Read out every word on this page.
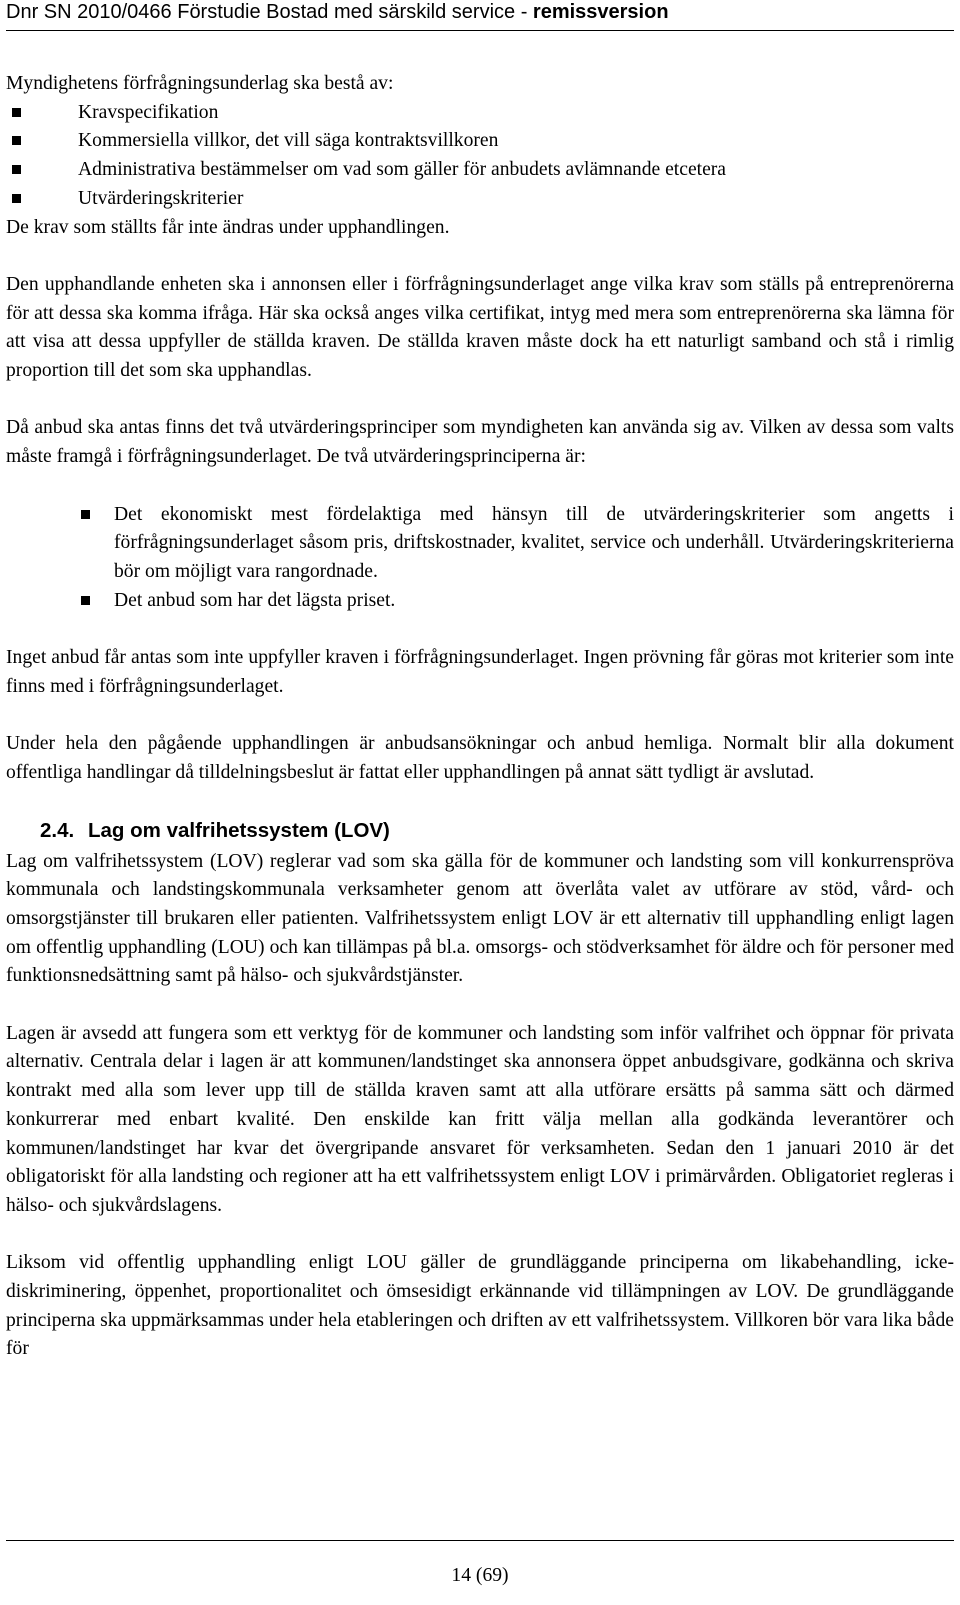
Dnr SN 2010/0466 Förstudie Bostad med särskild service - remissversion

Myndighetens förfrågningsunderlag ska bestå av:

Kravspecifikation
Kommersiella villkor, det vill säga kontraktsvillkoren
Administrativa bestämmelser om vad som gäller för anbudets avlämnande etcetera
Utvärderingskriterier

De krav som ställts får inte ändras under upphandlingen.

Den upphandlande enheten ska i annonsen eller i förfrågningsunderlaget ange vilka krav som ställs på entreprenörerna för att dessa ska komma ifråga. Här ska också anges vilka certifikat, intyg med mera som entreprenörerna ska lämna för att visa att dessa uppfyller de ställda kraven. De ställda kraven måste dock ha ett naturligt samband och stå i rimlig proportion till det som ska upphandlas.

Då anbud ska antas finns det två utvärderingsprinciper som myndigheten kan använda sig av. Vilken av dessa som valts måste framgå i förfrågningsunderlaget. De två utvärderingsprinciperna är:

Det ekonomiskt mest fördelaktiga med hänsyn till de utvärderingskriterier som angetts i förfrågningsunderlaget såsom pris, driftskostnader, kvalitet, service och underhåll. Utvärderingskriterierna bör om möjligt vara rangordnade.
Det anbud som har det lägsta priset.

Inget anbud får antas som inte uppfyller kraven i förfrågningsunderlaget. Ingen prövning får göras mot kriterier som inte finns med i förfrågningsunderlaget.

Under hela den pågående upphandlingen är anbudsansökningar och anbud hemliga. Normalt blir alla dokument offentliga handlingar då tilldelningsbeslut är fattat eller upphandlingen på annat sätt tydligt är avslutad.

2.4. Lag om valfrihetssystem (LOV)

Lag om valfrihetssystem (LOV) reglerar vad som ska gälla för de kommuner och landsting som vill konkurrenspröva kommunala och landstingskommunala verksamheter genom att överlåta valet av utförare av stöd, vård- och omsorgstjänster till brukaren eller patienten. Valfrihetssystem enligt LOV är ett alternativ till upphandling enligt lagen om offentlig upphandling (LOU) och kan tillämpas på bl.a. omsorgs- och stödverksamhet för äldre och för personer med funktionsnedsättning samt på hälso- och sjukvårdstjänster.

Lagen är avsedd att fungera som ett verktyg för de kommuner och landsting som inför valfrihet och öppnar för privata alternativ. Centrala delar i lagen är att kommunen/landstinget ska annonsera öppet anbudsgivare, godkänna och skriva kontrakt med alla som lever upp till de ställda kraven samt att alla utförare ersätts på samma sätt och därmed konkurrerar med enbart kvalité. Den enskilde kan fritt välja mellan alla godkända leverantörer och kommunen/landstinget har kvar det övergripande ansvaret för verksamheten. Sedan den 1 januari 2010 är det obligatoriskt för alla landsting och regioner att ha ett valfrihetssystem enligt LOV i primärvården. Obligatoriet regleras i hälso- och sjukvårdslagens.

Liksom vid offentlig upphandling enligt LOU gäller de grundläggande principerna om likabehandling, icke-diskriminering, öppenhet, proportionalitet och ömsesidigt erkännande vid tillämpningen av LOV. De grundläggande principerna ska uppmärksammas under hela etableringen och driften av ett valfrihetssystem. Villkoren bör vara lika både för

14 (69)
